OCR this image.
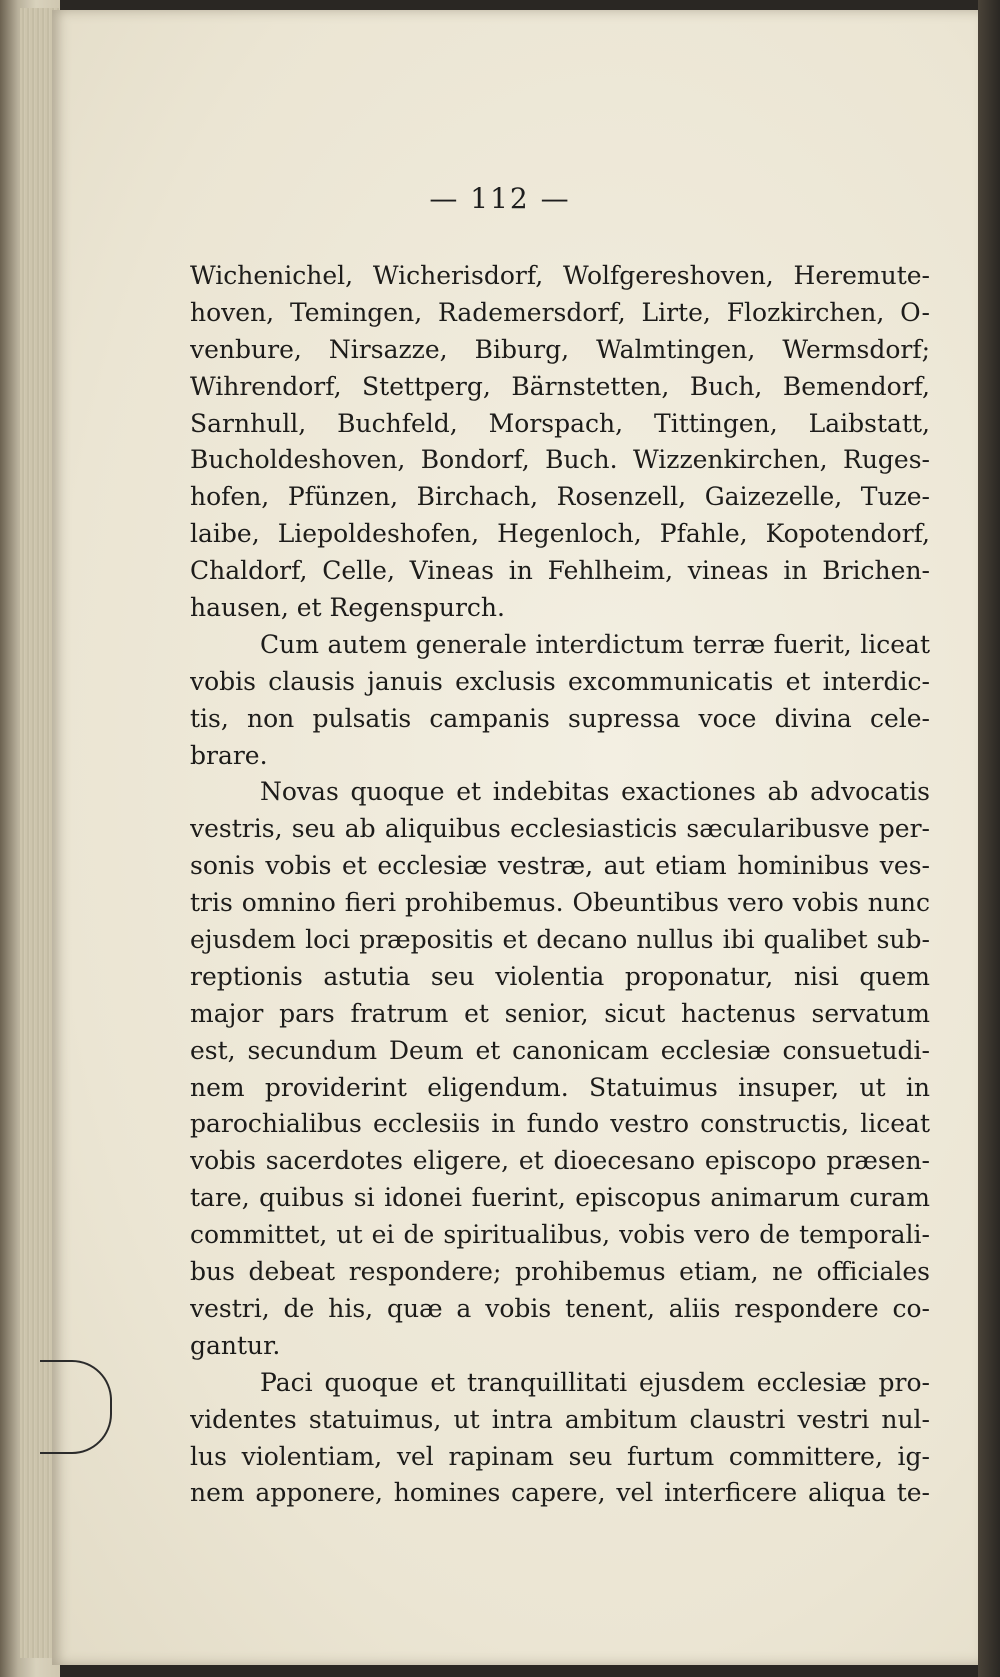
— 112 —
Wichenichel, Wicherisdorf, Wolfgereshoven, Heremute-
hoven, Temingen, Rademersdorf, Lirte, Flozkirchen, O-
venbure, Nirsazze, Biburg, Walmtingen, Wermsdorf;
Wihrendorf, Stettperg, Bärnstetten, Buch, Bemendorf,
Sarnhull, Buchfeld, Morspach, Tittingen, Laibstatt,
Bucholdeshoven, Bondorf, Buch. Wizzenkirchen, Ruges-
hofen, Pfünzen, Birchach, Rosenzell, Gaizezelle, Tuze-
laibe, Liepoldeshofen, Hegenloch, Pfahle, Kopotendorf,
Chaldorf, Celle, Vineas in Fehlheim, vineas in Brichen-
hausen, et Regenspurch.
Cum autem generale interdictum terræ fuerit, liceat
vobis clausis januis exclusis excommunicatis et interdic-
tis, non pulsatis campanis supressa voce divina cele-
brare.
Novas quoque et indebitas exactiones ab advocatis
vestris, seu ab aliquibus ecclesiasticis sæcularibusve per-
sonis vobis et ecclesiæ vestræ, aut etiam hominibus ves-
tris omnino fieri prohibemus. Obeuntibus vero vobis nunc
ejusdem loci præpositis et decano nullus ibi qualibet sub-
reptionis astutia seu violentia proponatur, nisi quem
major pars fratrum et senior, sicut hactenus servatum
est, secundum Deum et canonicam ecclesiæ consuetudi-
nem providerint eligendum. Statuimus insuper, ut in
parochialibus ecclesiis in fundo vestro constructis, liceat
vobis sacerdotes eligere, et dioecesano episcopo præsen-
tare, quibus si idonei fuerint, episcopus animarum curam
committet, ut ei de spiritualibus, vobis vero de temporali-
bus debeat respondere; prohibemus etiam, ne officiales
vestri, de his, quæ a vobis tenent, aliis respondere co-
gantur.
Paci quoque et tranquillitati ejusdem ecclesiæ pro-
videntes statuimus, ut intra ambitum claustri vestri nul-
lus violentiam, vel rapinam seu furtum committere, ig-
nem apponere, homines capere, vel interficere aliqua te-
